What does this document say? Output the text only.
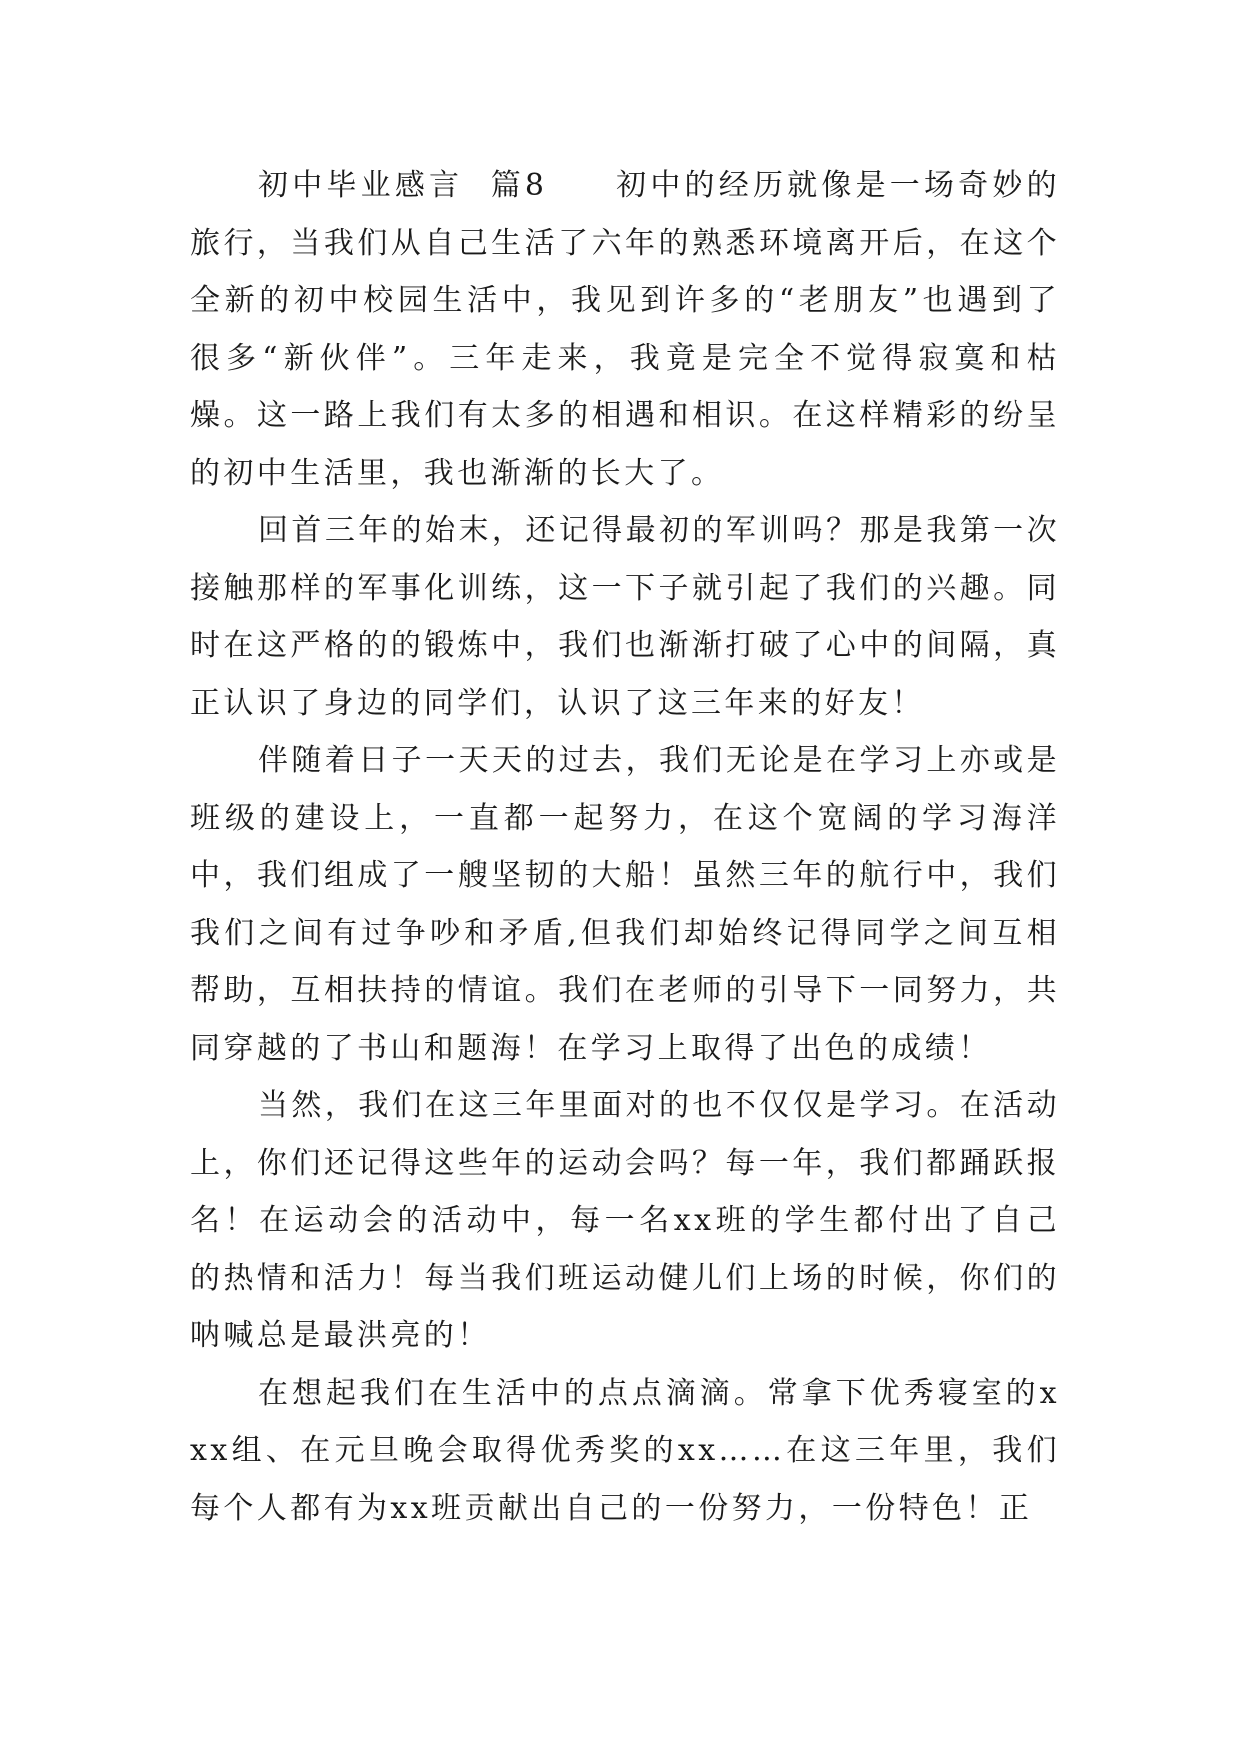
初中毕业感言  篇8     初中的经历就像是一场奇妙的旅行，当我们从自己生活了六年的熟悉环境离开后，在这个全新的初中校园生活中，我见到许多的“老朋友”也遇到了很多“新伙伴”。三年走来，我竟是完全不觉得寂寞和枯燥。这一路上我们有太多的相遇和相识。在这样精彩的纷呈的初中生活里，我也渐渐的长大了。

回首三年的始末，还记得最初的军训吗？那是我第一次接触那样的军事化训练，这一下子就引起了我们的兴趣。同时在这严格的的锻炼中，我们也渐渐打破了心中的间隔，真正认识了身边的同学们，认识了这三年来的好友！

伴随着日子一天天的过去，我们无论是在学习上亦或是班级的建设上，一直都一起努力，在这个宽阔的学习海洋中，我们组成了一艘坚韧的大船！虽然三年的航行中，我们我们之间有过争吵和矛盾,但我们却始终记得同学之间互相帮助，互相扶持的情谊。我们在老师的引导下一同努力，共同穿越的了书山和题海！在学习上取得了出色的成绩！

当然，我们在这三年里面对的也不仅仅是学习。在活动上，你们还记得这些年的运动会吗？每一年，我们都踊跃报名！在运动会的活动中，每一名xx班的学生都付出了自己的热情和活力！每当我们班运动健儿们上场的时候，你们的呐喊总是最洪亮的！

在想起我们在生活中的点点滴滴。常拿下优秀寝室的xxx组、在元旦晚会取得优秀奖的xx……在这三年里，我们每个人都有为xx班贡献出自己的一份努力，一份特色！正
